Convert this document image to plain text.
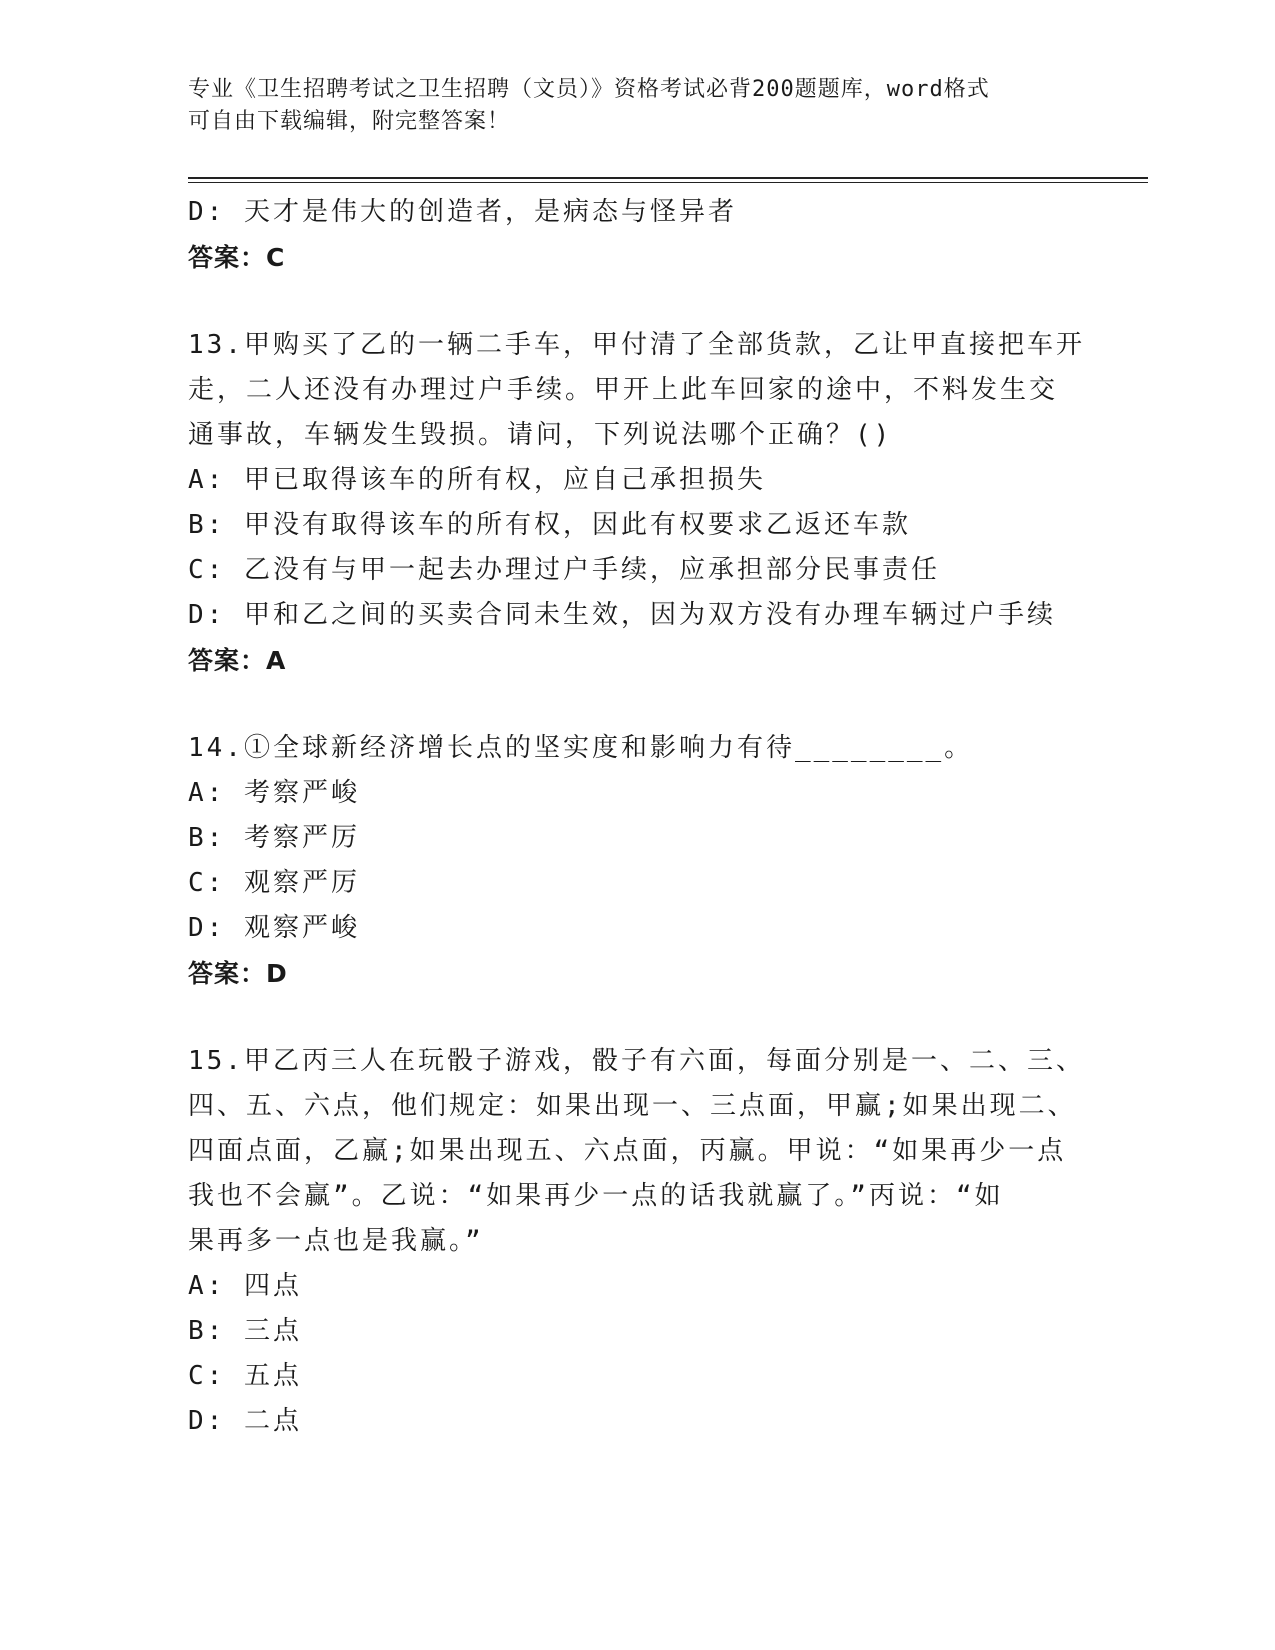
专业《卫生招聘考试之卫生招聘（文员）》资格考试必背200题题库，word格式
可自由下载编辑，附完整答案！
D: 天才是伟大的创造者，是病态与怪异者
答案：C
13.甲购买了乙的一辆二手车，甲付清了全部货款，乙让甲直接把车开
走，二人还没有办理过户手续。甲开上此车回家的途中，不料发生交
通事故，车辆发生毁损。请问，下列说法哪个正确？()
A: 甲已取得该车的所有权，应自己承担损失
B: 甲没有取得该车的所有权，因此有权要求乙返还车款
C: 乙没有与甲一起去办理过户手续，应承担部分民事责任
D: 甲和乙之间的买卖合同未生效，因为双方没有办理车辆过户手续
答案：A
14.①全球新经济增长点的坚实度和影响力有待________。
A: 考察严峻
B: 考察严厉
C: 观察严厉
D: 观察严峻
答案：D
15.甲乙丙三人在玩骰子游戏，骰子有六面，每面分别是一、二、三、
四、五、六点，他们规定：如果出现一、三点面，甲赢;如果出现二、
四面点面，乙赢;如果出现五、六点面，丙赢。甲说：“如果再少一点
我也不会赢”。乙说：“如果再少一点的话我就赢了。”丙说：“如
果再多一点也是我赢。”
A: 四点
B: 三点
C: 五点
D: 二点
